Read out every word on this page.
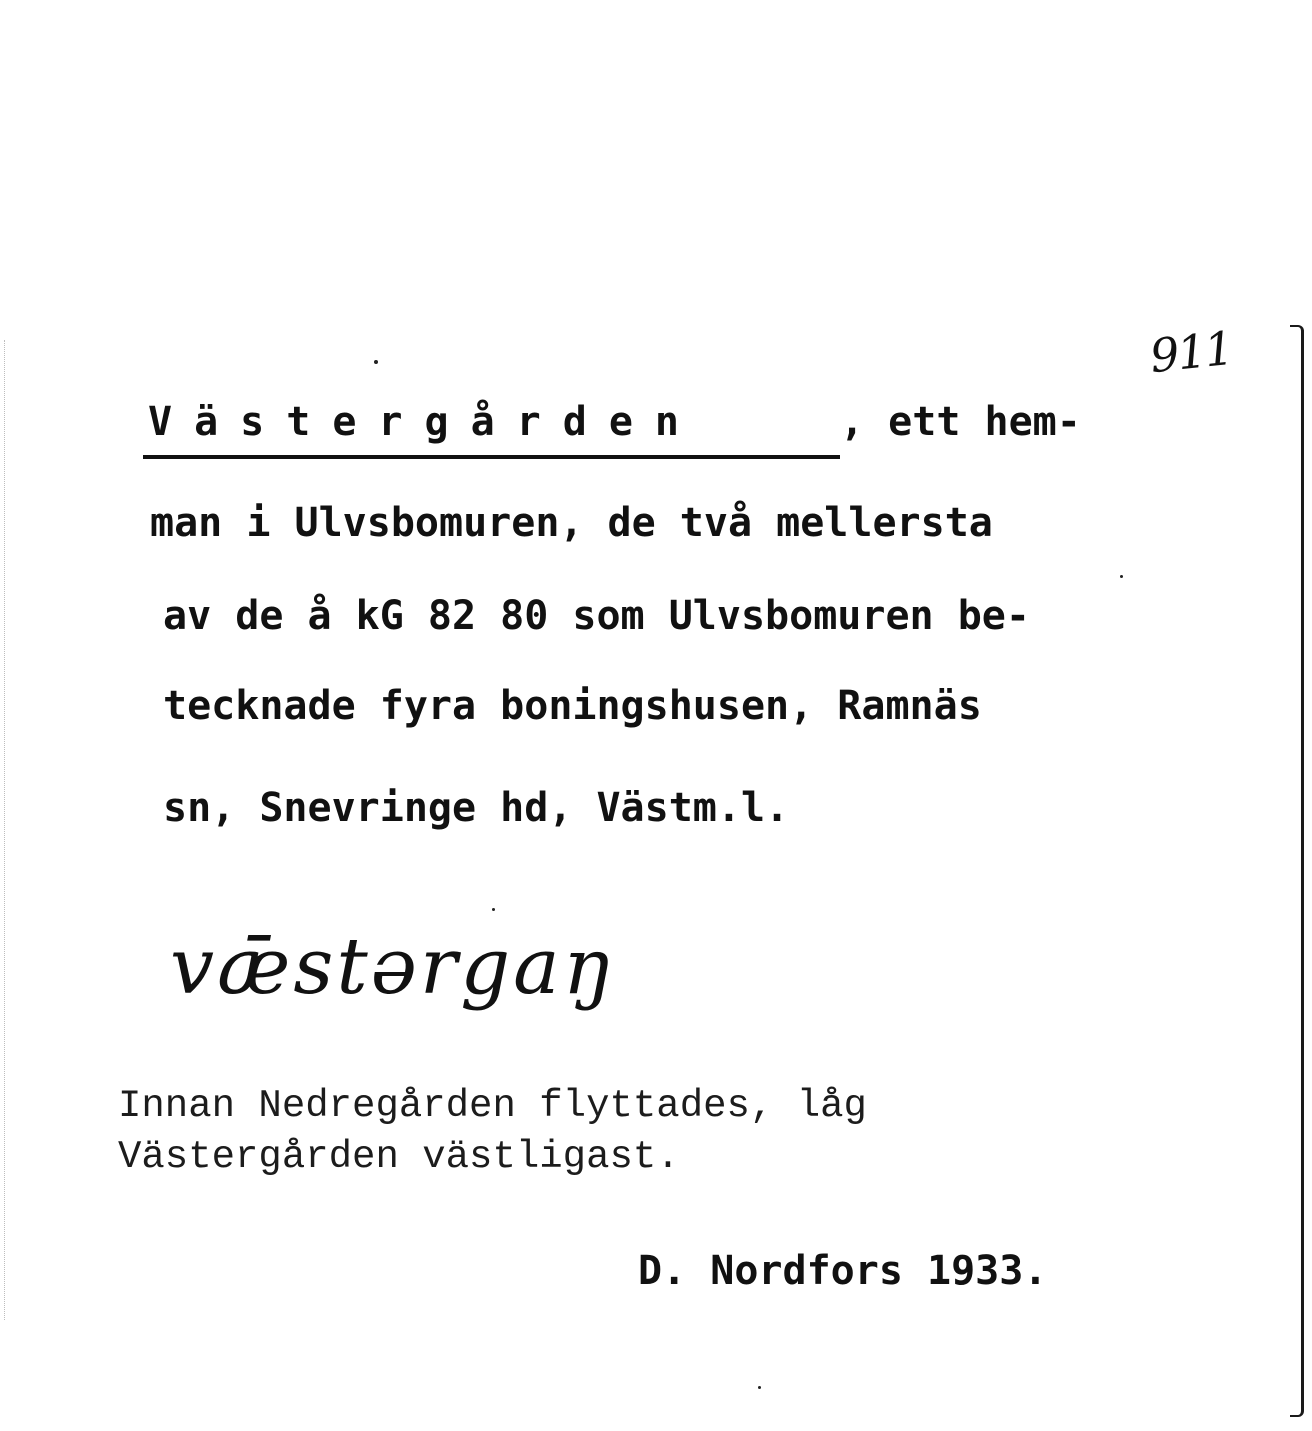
911
Västergården	, ett hem-

man i Ulvsbomuren, de två mellersta

av de å kG 82 80 som Ulvsbomuren be-

tecknade fyra boningshusen, Ramnäs

sn, Snevringe hd, Västm.l.

vǣstərgaŋ

Innan Nedregården flyttades, låg

Västergården västligast.

D. Nordfors 1933.
